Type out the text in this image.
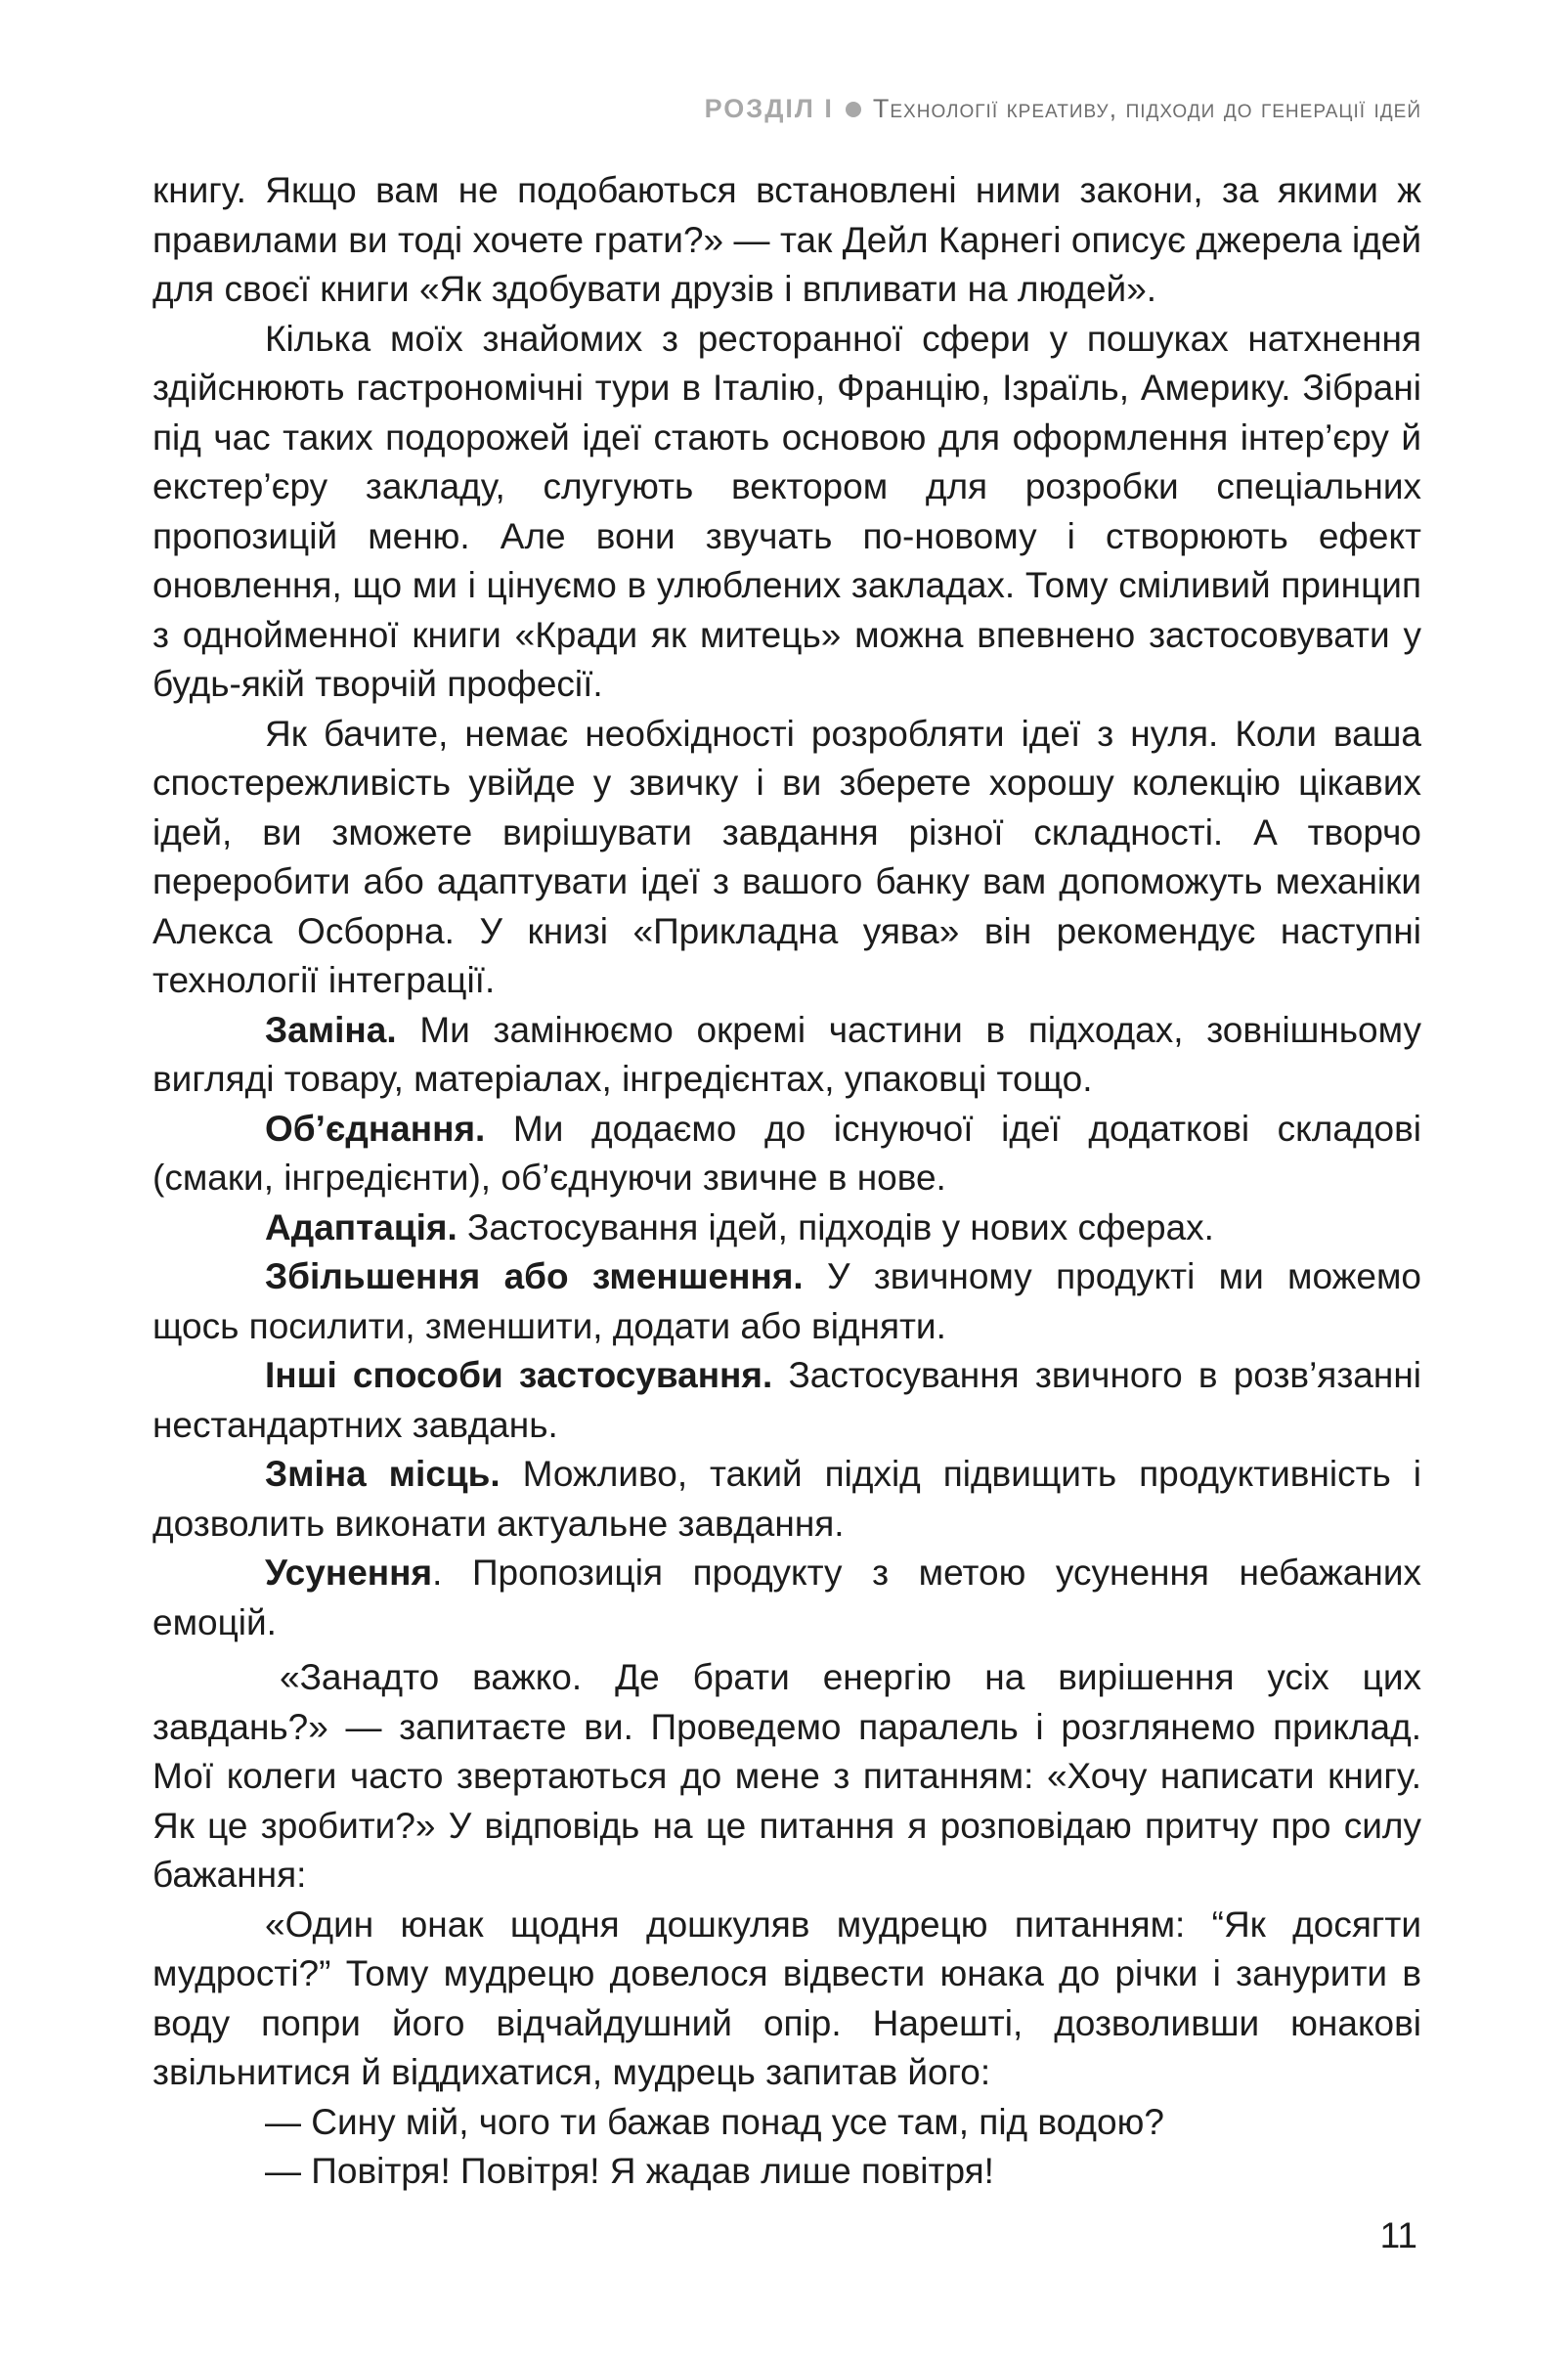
РОЗДІЛ I Технології креативу, підходи до генерації ідей

книгу. Якщо вам не подобаються встановлені ними закони, за якими ж правилами ви тоді хочете грати?» — так Дейл Карнегі описує джерела ідей для своєї книги «Як здобувати друзів і впливати на людей».

Кілька моїх знайомих з ресторанної сфери у пошуках натхнення здійснюють гастрономічні тури в Італію, Францію, Ізраїль, Америку. Зібрані під час таких подорожей ідеї стають основою для оформлення інтер’єру й екстер’єру закладу, слугують вектором для розробки спеціальних пропозицій меню. Але вони звучать по-новому і створюють ефект оновлення, що ми і цінуємо в улюблених закладах. Тому сміливий принцип з однойменної книги «Кради як митець» можна впевнено застосовувати у будь-якій творчій професії.

Як бачите, немає необхідності розробляти ідеї з нуля. Коли ваша спостережливість увійде у звичку і ви зберете хорошу колекцію цікавих ідей, ви зможете вирішувати завдання різної складності. А творчо переробити або адаптувати ідеї з вашого банку вам допоможуть механіки Алекса Осборна. У книзі «Прикладна уява» він рекомендує наступні технології інтеграції.

Заміна. Ми замінюємо окремі частини в підходах, зовнішньому вигляді товару, матеріалах, інгредієнтах, упаковці тощо.

Об’єднання. Ми додаємо до існуючої ідеї додаткові складові (смаки, інгредієнти), об’єднуючи звичне в нове.

Адаптація. Застосування ідей, підходів у нових сферах.

Збільшення або зменшення. У звичному продукті ми можемо щось посилити, зменшити, додати або відняти.

Інші способи застосування. Застосування звичного в розв’язанні нестандартних завдань.

Зміна місць. Можливо, такий підхід підвищить продуктивність і дозволить виконати актуальне завдання.

Усунення. Пропозиція продукту з метою усунення небажаних емоцій.

«Занадто важко. Де брати енергію на вирішення усіх цих завдань?» — запитаєте ви. Проведемо паралель і розглянемо приклад. Мої колеги часто звертаються до мене з питанням: «Хочу написати книгу. Як це зробити?» У відповідь на це питання я розповідаю притчу про силу бажання:

«Один юнак щодня дошкуляв мудрецю питанням: “Як досягти мудрості?” Тому мудрецю довелося відвести юнака до річки і занурити в воду попри його відчайдушний опір. Нарешті, дозволивши юнакові звільнитися й віддихатися, мудрець запитав його:

— Сину мій, чого ти бажав понад усе там, під водою?

— Повітря! Повітря! Я жадав лише повітря!

11
